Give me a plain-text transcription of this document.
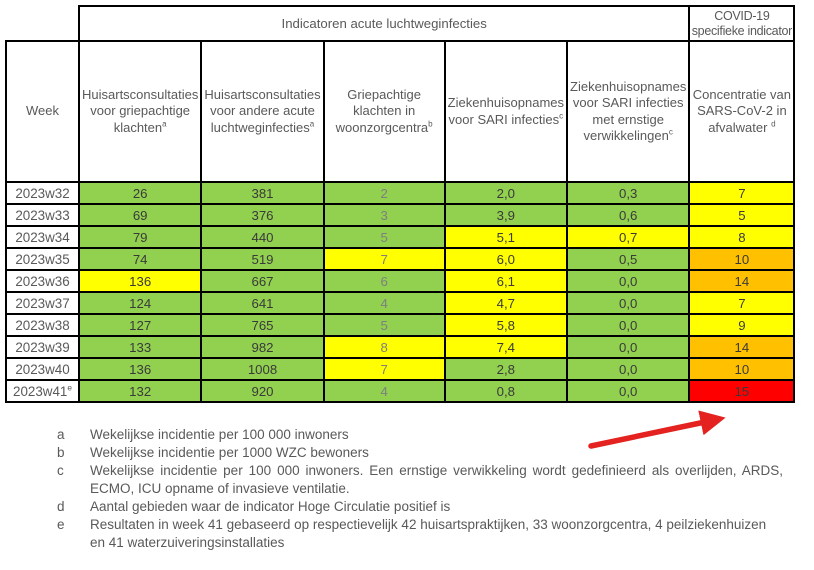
	Indicatoren acute luchtweginfecties					COVID-19 specifieke indicator
Week	Huisartsconsultaties voor griepachtige klachten$^a$	Huisartsconsultaties voor andere acute luchtweginfecties$^a$	Griepachtige klachten in woonzorgcentra$^b$	Ziekenhuisopnames voor SARI infecties$^c$	Ziekenhuisopnames voor SARI infecties met ernstige verwikkelingen$^c$	Concentratie van SARS-CoV-2 in afvalwater $^d$
2023w32	26	381	2	2,0	0,3	7
2023w33	69	376	3	3,9	0,6	5
2023w34	79	440	5	5,1	0,7	8
2023w35	74	519	7	6,0	0,5	10
2023w36	136	667	6	6,1	0,0	14
2023w37	124	641	4	4,7	0,0	7
2023w38	127	765	5	5,8	0,0	9
2023w39	133	982	8	7,4	0,0	14
2023w40	136	1008	7	2,8	0,0	10
2023w41e	132	920	4	0,8	0,0	15
a	Wekelijkse incidentie per 100 000 inwoners
b	Wekelijkse incidentie per 1000 WZC bewoners
c	Wekelijkse incidentie per 100 000 inwoners. Een ernstige verwikkeling wordt gedefinieerd als overlijden, ARDS, ECMO, ICU opname of invasieve ventilatie.
d	Aantal gebieden waar de indicator Hoge Circulatie positief is
e	Resultaten in week 41 gebaseerd op respectievelijk 42 huisartspraktijken, 33 woonzorgcentra, 4 peilziekenhuizen en 41 waterzuiveringsinstallaties
